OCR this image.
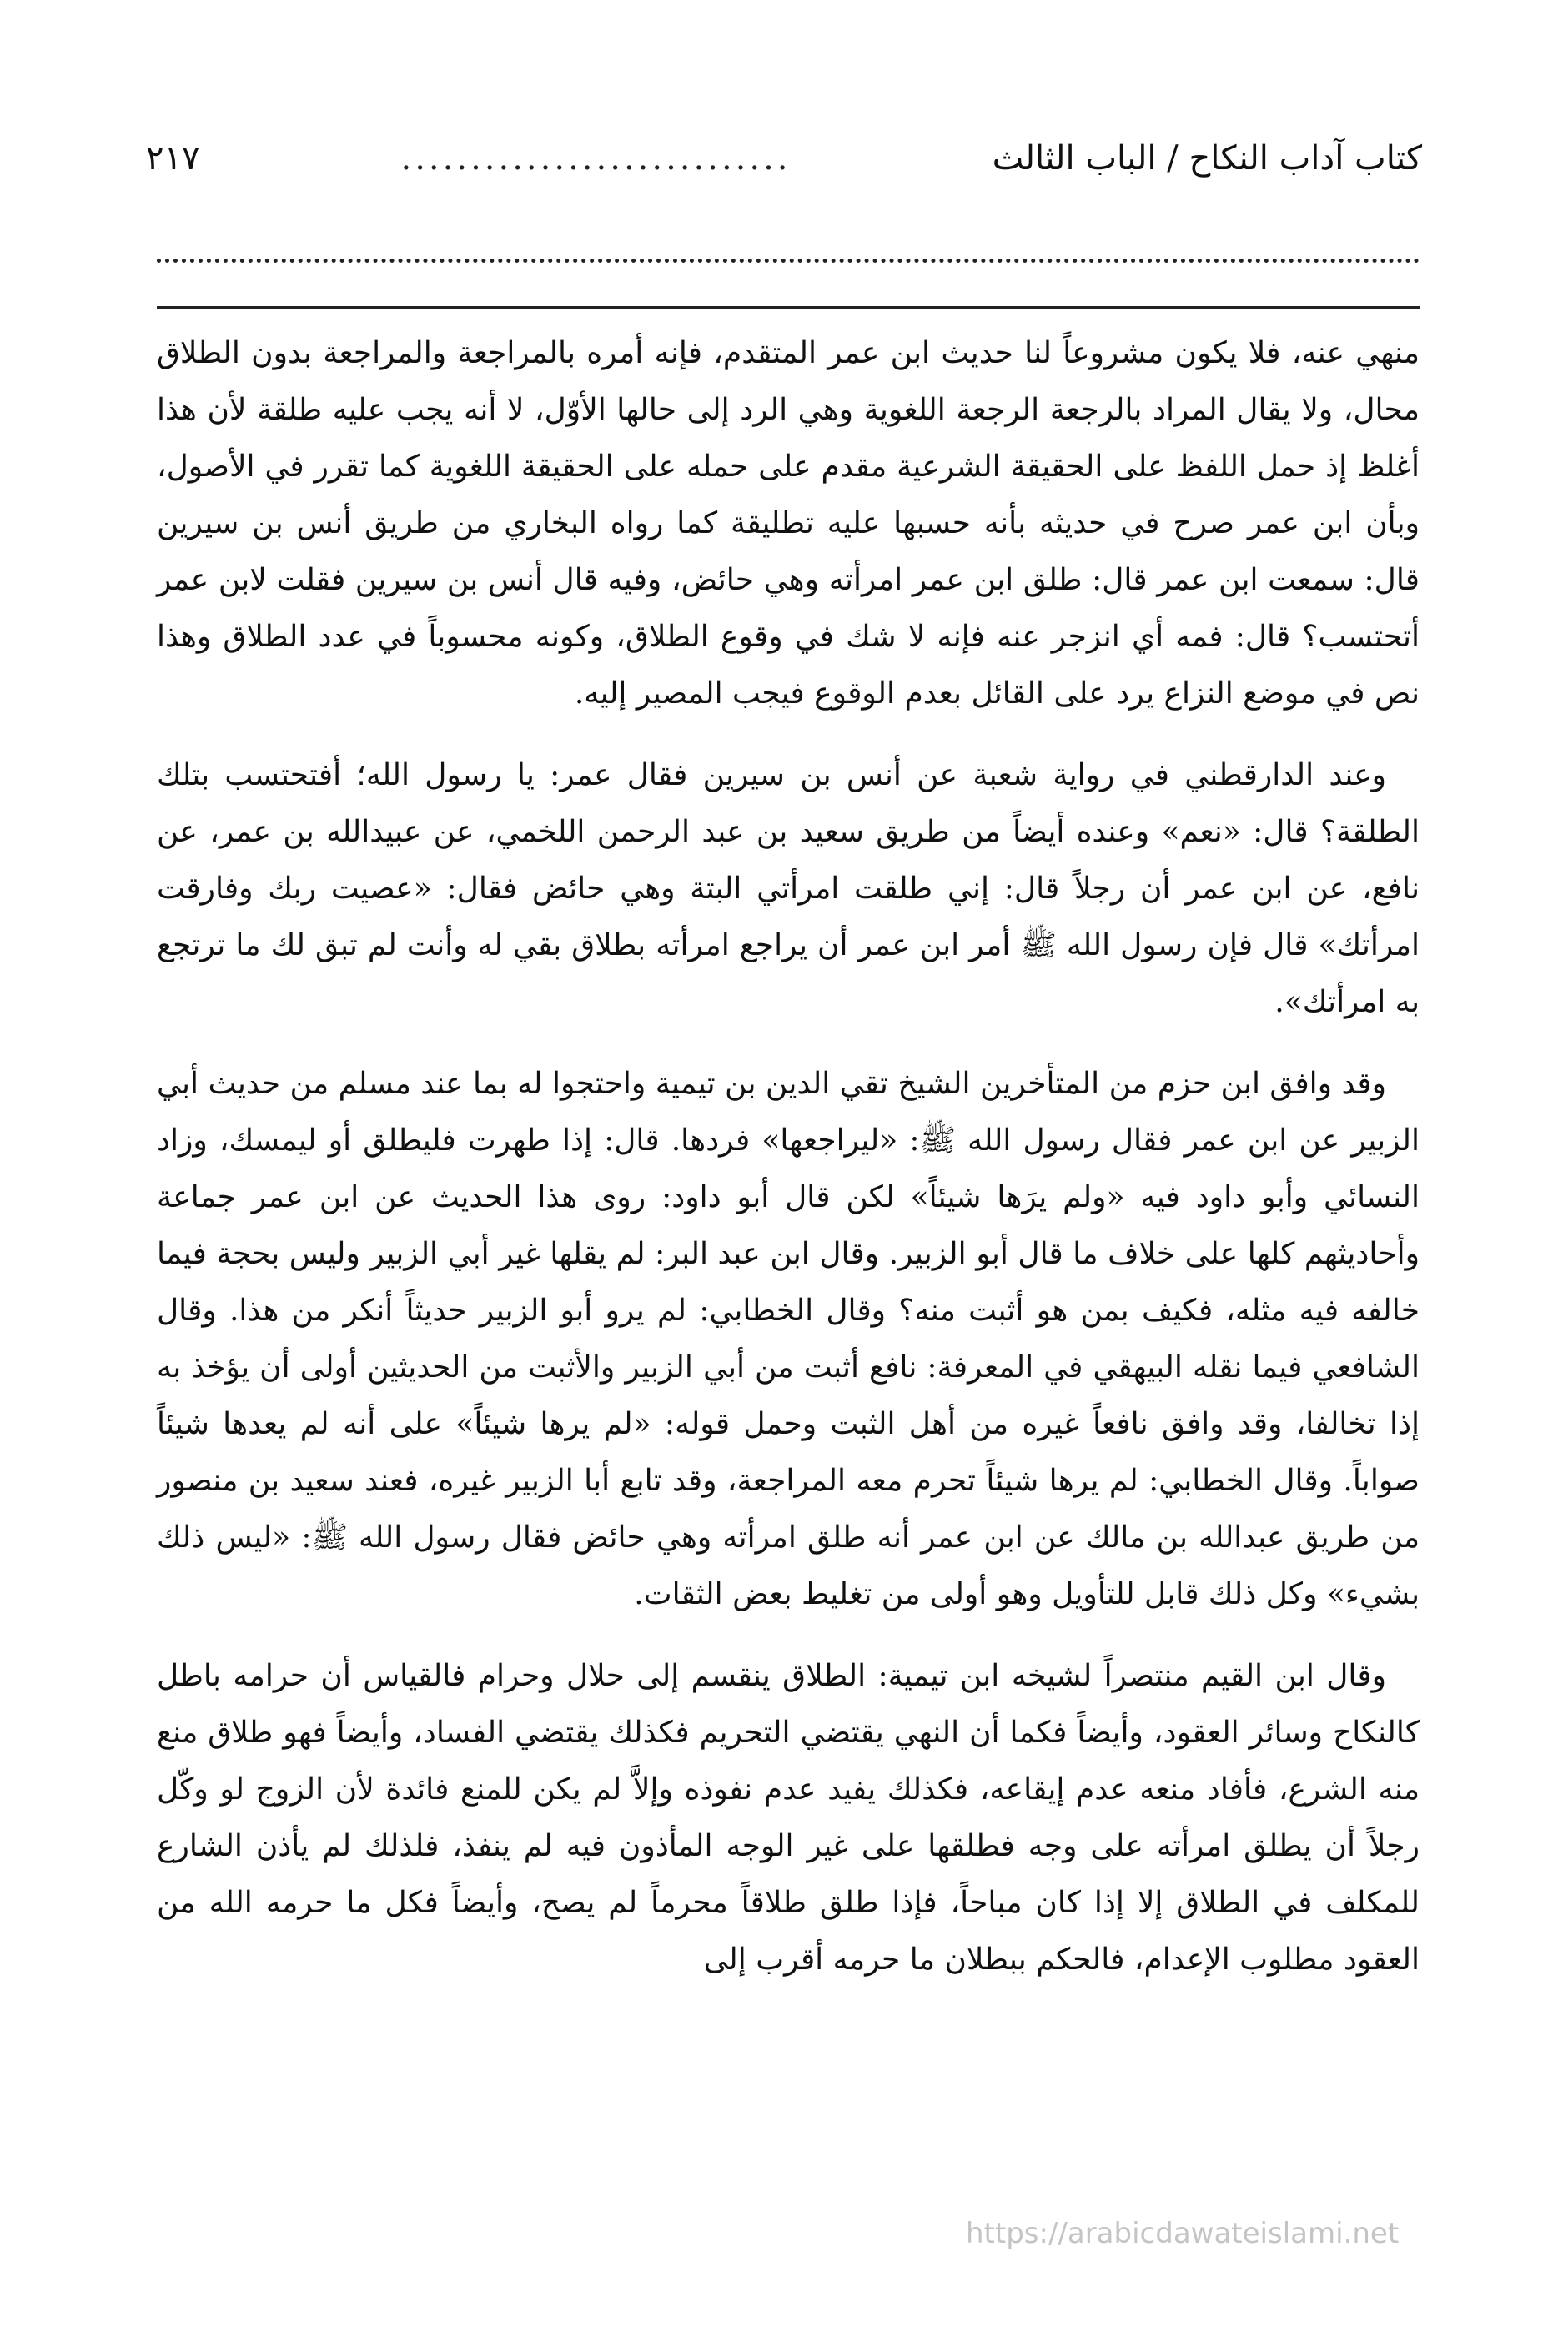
كتاب آداب النكاح / الباب الثالث
............................
٢١٧

منهي عنه، فلا يكون مشروعاً لنا حديث ابن عمر المتقدم، فإنه أمره بالمراجعة والمراجعة بدون الطلاق محال، ولا يقال المراد بالرجعة الرجعة اللغوية وهي الرد إلى حالها الأوّل، لا أنه يجب عليه طلقة لأن هذا أغلظ إذ حمل اللفظ على الحقيقة الشرعية مقدم على حمله على الحقيقة اللغوية كما تقرر في الأصول، وبأن ابن عمر صرح في حديثه بأنه حسبها عليه تطليقة كما رواه البخاري من طريق أنس بن سيرين قال: سمعت ابن عمر قال: طلق ابن عمر امرأته وهي حائض، وفيه قال أنس بن سيرين فقلت لابن عمر أتحتسب؟ قال: فمه أي انزجر عنه فإنه لا شك في وقوع الطلاق، وكونه محسوباً في عدد الطلاق وهذا نص في موضع النزاع يرد على القائل بعدم الوقوع فيجب المصير إليه.

وعند الدارقطني في رواية شعبة عن أنس بن سيرين فقال عمر: يا رسول الله؛ أفتحتسب بتلك الطلقة؟ قال: «نعم» وعنده أيضاً من طريق سعيد بن عبد الرحمن اللخمي، عن عبيدالله بن عمر، عن نافع، عن ابن عمر أن رجلاً قال: إني طلقت امرأتي البتة وهي حائض فقال: «عصيت ربك وفارقت امرأتك» قال فإن رسول الله ﷺ أمر ابن عمر أن يراجع امرأته بطلاق بقي له وأنت لم تبق لك ما ترتجع به امرأتك».

وقد وافق ابن حزم من المتأخرين الشيخ تقي الدين بن تيمية واحتجوا له بما عند مسلم من حديث أبي الزبير عن ابن عمر فقال رسول الله ﷺ: «ليراجعها» فردها. قال: إذا طهرت فليطلق أو ليمسك، وزاد النسائي وأبو داود فيه «ولم يرَها شيئاً» لكن قال أبو داود: روى هذا الحديث عن ابن عمر جماعة وأحاديثهم كلها على خلاف ما قال أبو الزبير. وقال ابن عبد البر: لم يقلها غير أبي الزبير وليس بحجة فيما خالفه فيه مثله، فكيف بمن هو أثبت منه؟ وقال الخطابي: لم يرو أبو الزبير حديثاً أنكر من هذا. وقال الشافعي فيما نقله البيهقي في المعرفة: نافع أثبت من أبي الزبير والأثبت من الحديثين أولى أن يؤخذ به إذا تخالفا، وقد وافق نافعاً غيره من أهل الثبت وحمل قوله: «لم يرها شيئاً» على أنه لم يعدها شيئاً صواباً. وقال الخطابي: لم يرها شيئاً تحرم معه المراجعة، وقد تابع أبا الزبير غيره، فعند سعيد بن منصور من طريق عبدالله بن مالك عن ابن عمر أنه طلق امرأته وهي حائض فقال رسول الله ﷺ: «ليس ذلك بشيء» وكل ذلك قابل للتأويل وهو أولى من تغليط بعض الثقات.

وقال ابن القيم منتصراً لشيخه ابن تيمية: الطلاق ينقسم إلى حلال وحرام فالقياس أن حرامه باطل كالنكاح وسائر العقود، وأيضاً فكما أن النهي يقتضي التحريم فكذلك يقتضي الفساد، وأيضاً فهو طلاق منع منه الشرع، فأفاد منعه عدم إيقاعه، فكذلك يفيد عدم نفوذه وإلاَّ لم يكن للمنع فائدة لأن الزوج لو وكّل رجلاً أن يطلق امرأته على وجه فطلقها على غير الوجه المأذون فيه لم ينفذ، فلذلك لم يأذن الشارع للمكلف في الطلاق إلا إذا كان مباحاً، فإذا طلق طلاقاً محرماً لم يصح، وأيضاً فكل ما حرمه الله من العقود مطلوب الإعدام، فالحكم ببطلان ما حرمه أقرب إلى

https://arabicdawateislami.net
